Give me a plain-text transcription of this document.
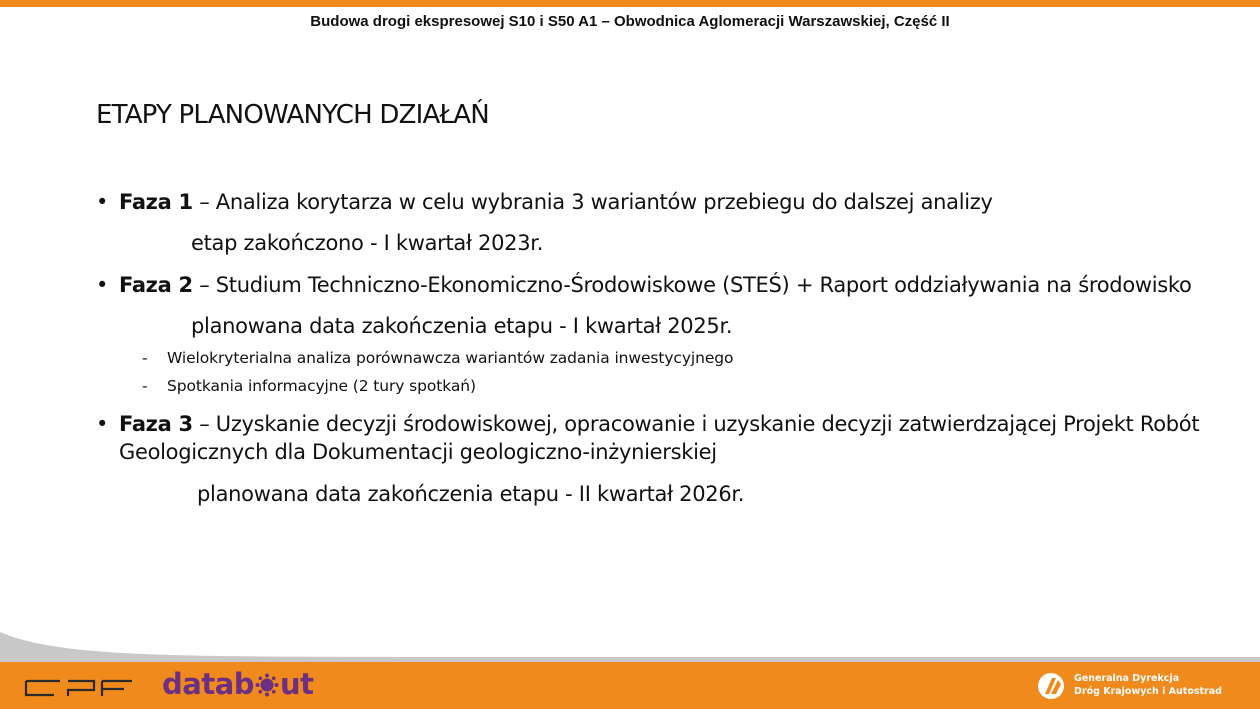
Budowa drogi ekspresowej S10 i S50 A1 – Obwodnica Aglomeracji Warszawskiej, Część II
ETAPY PLANOWANYCH DZIAŁAŃ
• Faza 1 – Analiza korytarza w celu wybrania 3 wariantów przebiegu do dalszej analizy
etap zakończono - I kwartał 2023r.
• Faza 2 – Studium Techniczno-Ekonomiczno-Środowiskowe (STEŚ) + Raport oddziaływania na środowisko
planowana data zakończenia etapu - I kwartał 2025r.
- Wielokryterialna analiza porównawcza wariantów zadania inwestycyjnego
- Spotkania informacyjne (2 tury spotkań)
• Faza 3 – Uzyskanie decyzji środowiskowej, opracowanie i uzyskanie decyzji zatwierdzającej Projekt Robót Geologicznych dla Dokumentacji geologiczno-inżynierskiej
planowana data zakończenia etapu - II kwartał 2026r.
datab ut	Generalna Dyrekcja
Dróg Krajowych i Autostrad
